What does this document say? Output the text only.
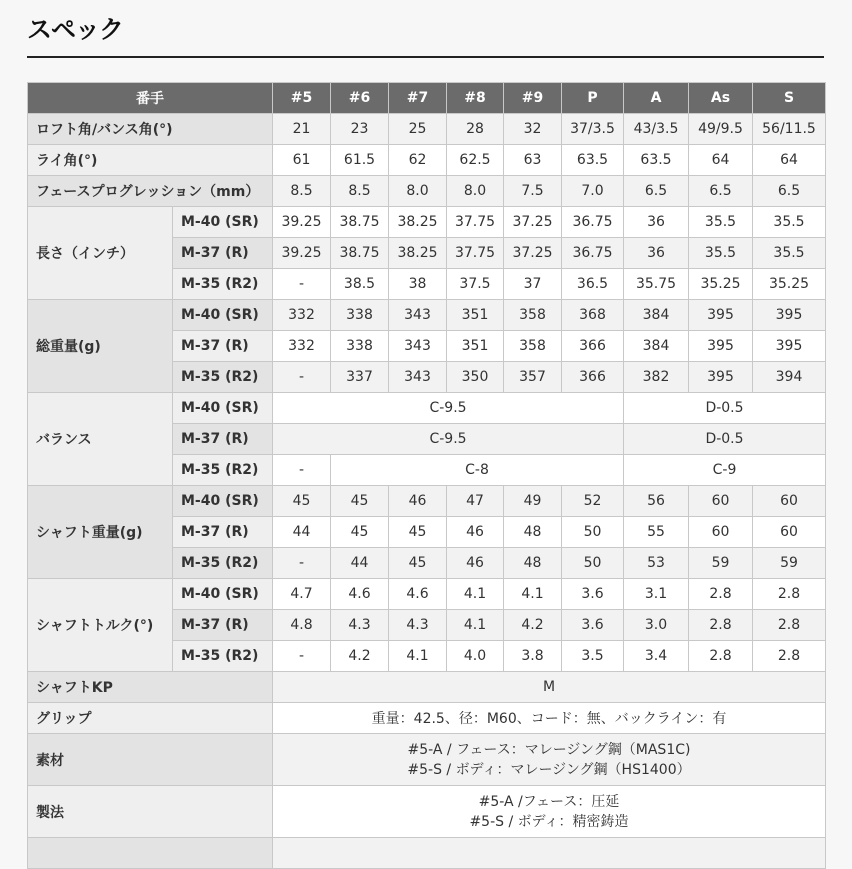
スペック
番手		#5	#6	#7	#8	#9	P	A	As	S
ロフト角/バンス角(°)		21	23	25	28	32	37/3.5	43/3.5	49/9.5	56/11.5
ライ角(°)		61	61.5	62	62.5	63	63.5	63.5	64	64
フェースプログレッション（mm）		8.5	8.5	8.0	8.0	7.5	7.0	6.5	6.5	6.5
長さ（インチ）	M-40 (SR)	39.25	38.75	38.25	37.75	37.25	36.75	36	35.5	35.5
	M-37 (R)	39.25	38.75	38.25	37.75	37.25	36.75	36	35.5	35.5
	M-35 (R2)	-	38.5	38	37.5	37	36.5	35.75	35.25	35.25
総重量(g)	M-40 (SR)	332	338	343	351	358	368	384	395	395
	M-37 (R)	332	338	343	351	358	366	384	395	395
	M-35 (R2)	-	337	343	350	357	366	382	395	394
バランス	M-40 (SR)	C-9.5						D-0.5		
	M-37 (R)	C-9.5						D-0.5		
	M-35 (R2)	-	C-8					C-9		
シャフト重量(g)	M-40 (SR)	45	45	46	47	49	52	56	60	60
	M-37 (R)	44	45	45	46	48	50	55	60	60
	M-35 (R2)	-	44	45	46	48	50	53	59	59
シャフトトルク(°)	M-40 (SR)	4.7	4.6	4.6	4.1	4.1	3.6	3.1	2.8	2.8
	M-37 (R)	4.8	4.3	4.3	4.1	4.2	3.6	3.0	2.8	2.8
	M-35 (R2)	-	4.2	4.1	4.0	3.8	3.5	3.4	2.8	2.8
シャフトKP		M								

グリップ		重量：42.5、径：M60、コード：無、バックライン：有								

素材		#5-A / フェース：マレージング鋼（MAS1C)
#5-S / ボディ：マレージング鋼（HS1400）								

製法		#5-A /フェース：圧延
#5-S / ボディ：精密鋳造								
